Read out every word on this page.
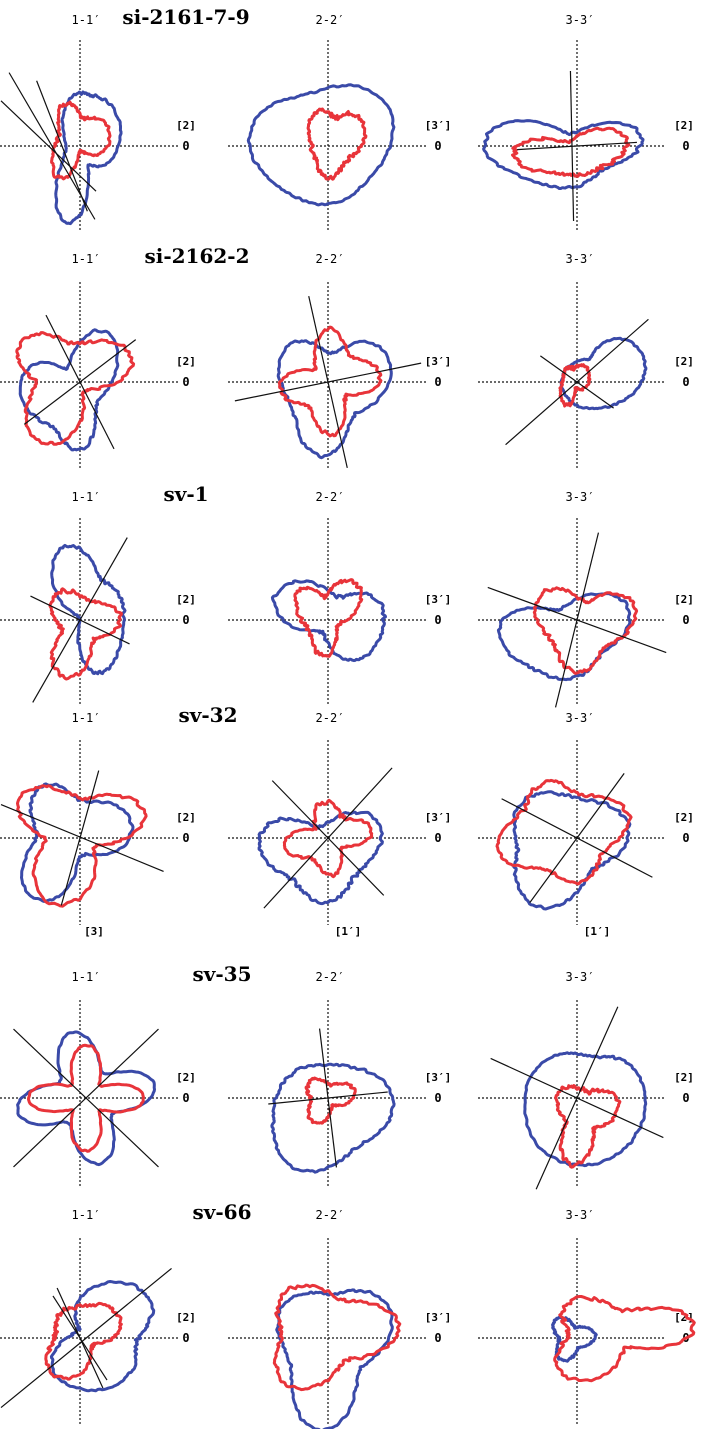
si-2161-7-9
1-1′
[2]
0
2-2′
[3′]
0
3-3′
[2]
0
si-2162-2
1-1′
[2]
0
2-2′
[3′]
0
3-3′
[2]
0
sv-1
1-1′
[2]
0
2-2′
[3′]
0
3-3′
[2]
0
sv-32
1-1′
[2]
0
[3]
2-2′
[3′]
0
[1′]
3-3′
[2]
0
[1′]
sv-35
1-1′
[2]
0
2-2′
[3′]
0
3-3′
[2]
0
sv-66
1-1′
[2]
0
2-2′
[3′]
0
3-3′
[2]
0
